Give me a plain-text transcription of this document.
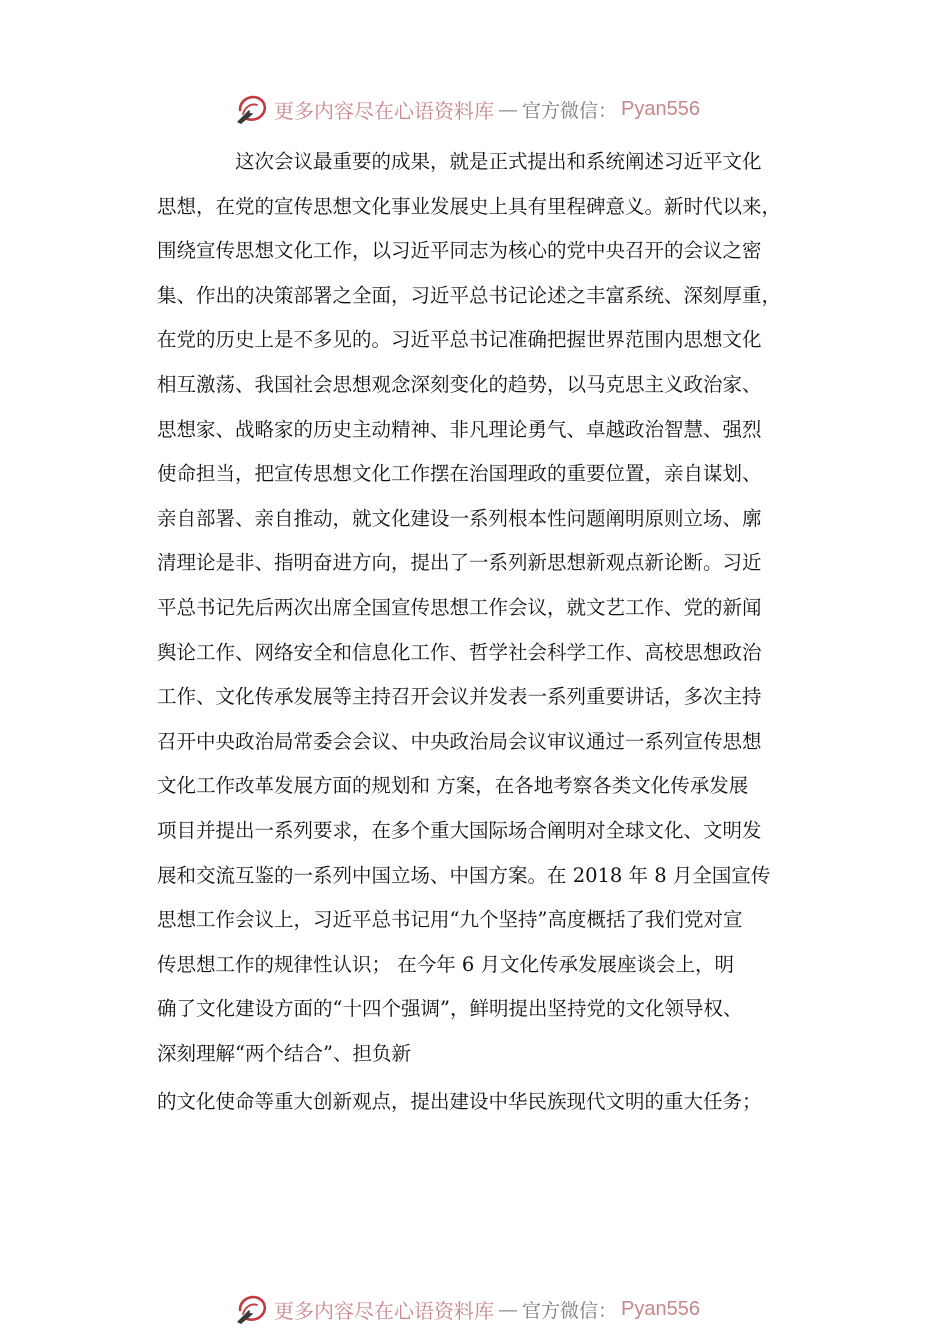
更多内容尽在心语资料库 — 官方微信： Pyan556
这次会议最重要的成果，就是正式提出和系统阐述习近平文化
思想，在党的宣传思想文化事业发展史上具有里程碑意义。新时代以来，
围绕宣传思想文化工作，以习近平同志为核心的党中央召开的会议之密
集、作出的决策部署之全面，习近平总书记论述之丰富系统、深刻厚重，
在党的历史上是不多见的。习近平总书记准确把握世界范围内思想文化
相互激荡、我国社会思想观念深刻变化的趋势，以马克思主义政治家、
思想家、战略家的历史主动精神、非凡理论勇气、卓越政治智慧、强烈
使命担当，把宣传思想文化工作摆在治国理政的重要位置，亲自谋划、
亲自部署、亲自推动，就文化建设一系列根本性问题阐明原则立场、廓
清理论是非、指明奋进方向，提出了一系列新思想新观点新论断。习近
平总书记先后两次出席全国宣传思想工作会议，就文艺工作、党的新闻
舆论工作、网络安全和信息化工作、哲学社会科学工作、高校思想政治
工作、文化传承发展等主持召开会议并发表一系列重要讲话，多次主持
召开中央政治局常委会会议、中央政治局会议审议通过一系列宣传思想
文化工作改革发展方面的规划和 方案，在各地考察各类文化传承发展
项目并提出一系列要求，在多个重大国际场合阐明对全球文化、文明发
展和交流互鉴的一系列中国立场、中国方案。在 2018 年 8 月全国宣传
思想工作会议上，习近平总书记用“九个坚持”高度概括了我们党对宣
传思想工作的规律性认识； 在今年 6 月文化传承发展座谈会上，明
确了文化建设方面的“十四个强调”，鲜明提出坚持党的文化领导权、
深刻理解“两个结合”、担负新
的文化使命等重大创新观点，提出建设中华民族现代文明的重大任务；
更多内容尽在心语资料库 — 官方微信： Pyan556
